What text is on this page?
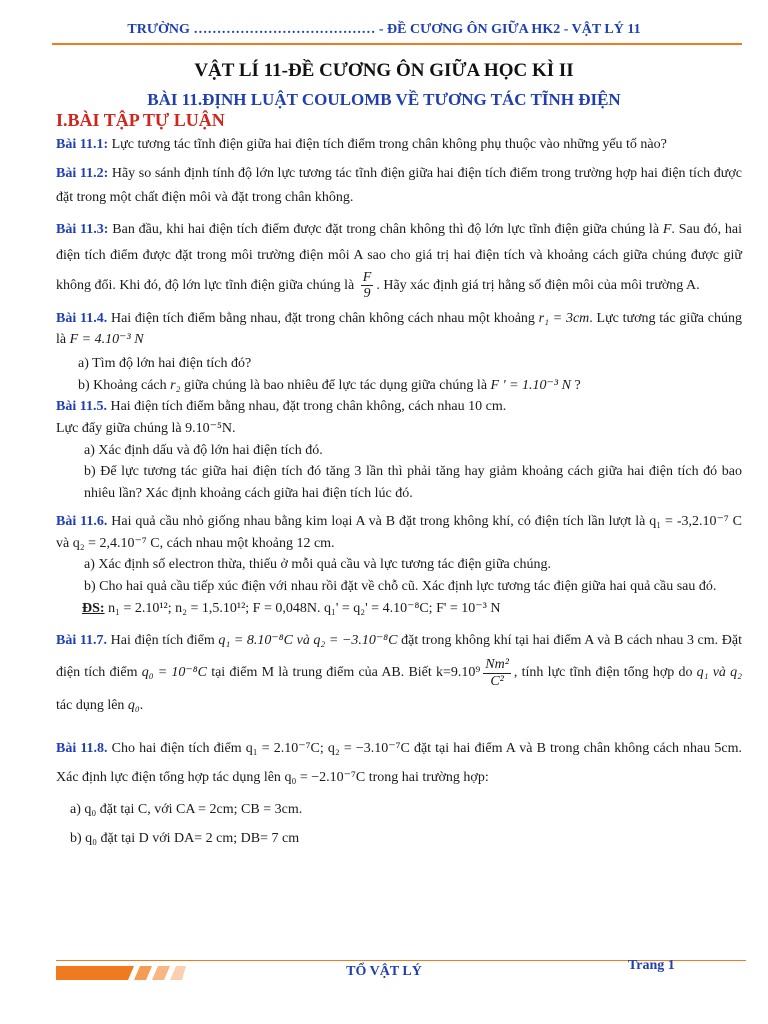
TRƯỜNG ………………………………… - ĐỀ CƯƠNG ÔN GIỮA HK2 - VẬT LÝ 11
VẬT LÍ 11-ĐỀ CƯƠNG ÔN GIỮA HỌC KÌ II
BÀI 11.ĐỊNH LUẬT COULOMB VỀ TƯƠNG TÁC TĨNH ĐIỆN
I.BÀI TẬP TỰ LUẬN

Bài 11.1: Lực tương tác tĩnh điện giữa hai điện tích điểm trong chân không phụ thuộc vào những yếu tố nào?

Bài 11.2: Hãy so sánh định tính độ lớn lực tương tác tĩnh điện giữa hai điện tích điểm trong trường hợp hai điện tích được đặt trong một chất điện môi và đặt trong chân không.

Bài 11.3: Ban đầu, khi hai điện tích điểm được đặt trong chân không thì độ lớn lực tĩnh điện giữa chúng là F. Sau đó, hai điện tích điểm được đặt trong môi trường điện môi A sao cho giá trị hai điện tích và khoảng cách giữa chúng được giữ không đổi. Khi đó, độ lớn lực tĩnh điện giữa chúng là $\frac{F}{9}$ . Hãy xác định giá trị hằng số điện môi của môi trường A.

Bài 11.4. Hai điện tích điểm bằng nhau, đặt trong chân không cách nhau một khoảng r₁ = 3cm. Lực tương tác giữa chúng là F = 4.10⁻³ N

a) Tìm độ lớn hai điện tích đó?

b) Khoảng cách r₂ giữa chúng là bao nhiêu để lực tác dụng giữa chúng là F ' = 1.10⁻³ N ?

Bài 11.5. Hai điện tích điểm bằng nhau, đặt trong chân không, cách nhau 10 cm.

Lực đẩy giữa chúng là 9.10⁻⁵N.

a) Xác định dấu và độ lớn hai điện tích đó.

b) Để lực tương tác giữa hai điện tích đó tăng 3 lần thì phải tăng hay giảm khoảng cách giữa hai điện tích đó bao nhiêu lần? Xác định khoảng cách giữa hai điện tích lúc đó.

Bài 11.6. Hai quả cầu nhỏ giống nhau bằng kim loại A và B đặt trong không khí, có điện tích lần lượt là q₁ = -3,2.10⁻⁷ C và q₂ = 2,4.10⁻⁷ C, cách nhau một khoảng 12 cm.

a) Xác định số electron thừa, thiếu ở mỗi quả cầu và lực tương tác điện giữa chúng.

b) Cho hai quả cầu tiếp xúc điện với nhau rồi đặt về chỗ cũ. Xác định lực tương tác điện giữa hai quả cầu sau đó.

ĐS: n₁ = 2.10¹²; n₂ = 1,5.10¹²; F = 0,048N. q₁' = q₂' = 4.10⁻⁸C; F' = 10⁻³ N

Bài 11.7. Hai điện tích điểm q₁ = 8.10⁻⁸C và q₂ = −3.10⁻⁸C đặt trong không khí tại hai điểm A và B cách nhau 3 cm. Đặt điện tích điểm q₀ = 10⁻⁸C tại điểm M là trung điểm của AB. Biết $k=9.10^9 \frac{\text{Nm²}}{\text{C²}}$ , tính lực tĩnh điện tổng hợp do q₁ và q₂ tác dụng lên q₀.

Bài 11.8. Cho hai điện tích điểm q₁ = 2.10⁻⁷C; q₂ = −3.10⁻⁷C đặt tại hai điểm A và B trong chân không cách nhau 5cm. Xác định lực điện tổng hợp tác dụng lên q₀ = −2.10⁻⁷C trong hai trường hợp:

a) q₀ đặt tại C, với CA = 2cm; CB = 3cm.

b) q₀ đặt tại D với DA= 2 cm; DB= 7 cm

TỔ VẬT LÝ	Trang 1
